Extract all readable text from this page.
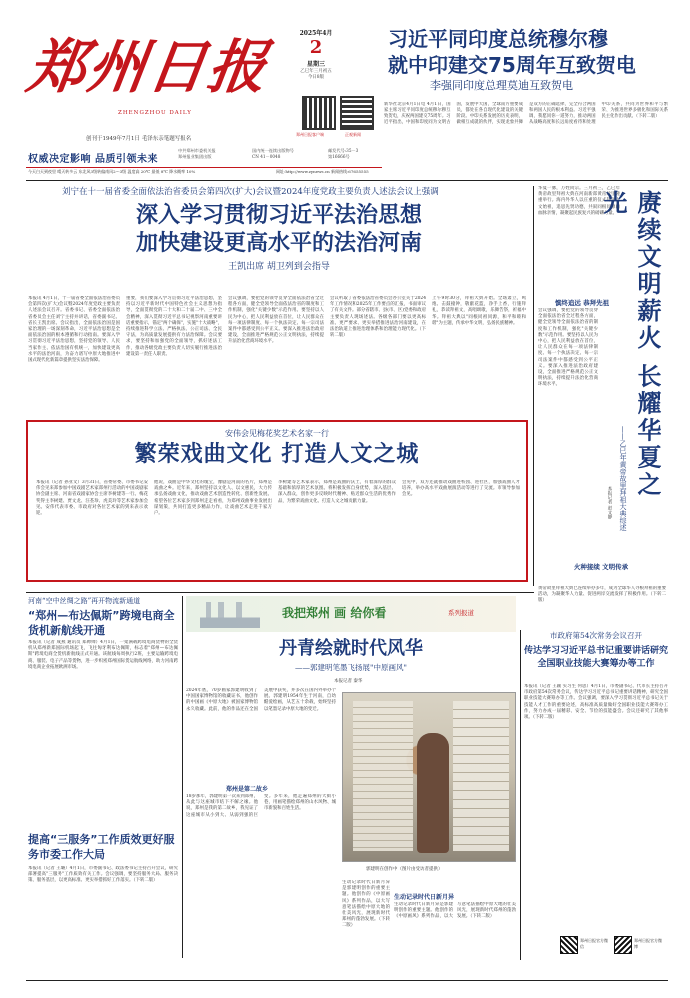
郑州日报
ZHENGZHOU DAILY
创刊于1949年7月1日 毛泽东亲笔题写报名
权威决定影响 品质引领未来
中共郑州市委机关报
郑州报业集团出版
国内统一连续出版物号
CN 41－0048
邮发代号:35－3
第16666号
2025年4月
2
星期三
乙巳年三月初五
今日8版
郑州日报客户端	正观新闻
今天白天到夜里 晴天转多云 东北风3级转偏南风2～3级 温度高 20℃ 最低 8℃ 降水概率 10%	网址:http://www.zynews.cn 新闻热线:67655555
习近平同印度总统穆尔穆
就中印建交75周年互致贺电
李强同印度总理莫迪互致贺电
新华社北京4月1日电 4月1日，国家主席习近平同印度总统穆尔穆互致贺电，庆祝两国建交75周年。习近平指出，中国和印度同为文明古国，发展中大国，全球南方重要成员，都处在各自现代化建设的关键阶段。中印关系发展的历史表明，做相互成就的伙伴，实现龙象共舞是双方的正确选择，完全符合两国和两国人民的根本利益。习近平强调，我愿同你一道努力，推动两国从战略高度和长远角度看待和处理中印关系，共同为世界和平与繁荣、为推进世界多极化和国际关系民主化作出贡献。（下转二版）
刘宁在十一届省委全面依法治省委员会第四次(扩大)会议暨2024年度党政主要负责人述法会议上强调
深入学习贯彻习近平法治思想
加快建设更高水平的法治河南
王凯出席 胡卫列到会指导
本报讯 4月1日，十一届省委全面依法治省委员会第四次(扩大)会议暨2024年度党政主要负责人述法会议召开。省委书记、省委全面依法治省委员会主任刘宁主持并讲话，省委副书记、省长王凯出席。会议指出，全面依法治国是国家治理的一场深刻革命，习近平法治思想是全面依法治国的根本遵循和行动指南。要深入学习贯彻习近平法治思想，坚持党的领导、人民当家作主、依法治国有机统一，加快建设更高水平的法治河南，为奋力谱写中原大地推进中国式现代化新篇章提供坚实法治保障。
重要，我们要深入学习贯彻习近平法治思想，坚持以习近平新时代中国特色社会主义思想为指导，全面贯彻党的二十大和二十届二中、三中全会精神，深入贯彻习近平总书记视察河南重要讲话重要指示，锚定"两个确保"，实施"十大战略"，持续推进科学立法、严格执法、公正司法、全民守法，为高质量发展提供有力法治保障。会议要求，要坚持和加强党的全面领导，抓好述法工作，推动各级党政主要负责人切实履行推进法治建设第一责任人职责。
会议强调，要把党的领导贯穿全面依法治省全过程各方面，健全党领导全面依法治省的制度和工作机制，强化"关键少数"示范作用。要坚持以人民为中心，把人民利益放在首位，让人民群众在每一项法律制度、每一个执法决定、每一宗司法案件中都感受到公平正义。要深入推进法治政府建设，全面推进严格规范公正文明执法，持续提升法治化营商环境水平。
会议听取了省委依法治省委员会办公室关于2024年工作情况和2025年工作要点的汇报，书面审议了有关文件。部分省辖市、县(市、区)党委和政府主要负责人现场述法。各级各部门要以更高标准、更严要求、更实举措推进法治河南建设，在法治轨道上推进治理体系和治理能力现代化。（下转二版）
上午9时30分，拜祖大典开始。全场肃立，鸣炮、击鼓撞钟，敬献花篮，净手上香，行施拜礼，恭读拜祖文，高唱颂歌，乐舞告祭，祈福中华。拜祖大典以"同根同祖同源，和平和睦和谐"为主题，传承中华文明，弘扬民族精神。
安伟会见梅花奖艺术名家一行
繁荣戏曲文化 打造人文之城
本报讯（记者 孙亚文）3月31日，省委常委、市委书记安伟会见来郑参加中国戏剧艺术家郑州行活动的中国戏剧家协会副主席、河南省戏剧家协会主席李树建等一行。梅花奖得主李树建、贾文龙、汪荃珍、虎美玲等艺术家参加会见。安伟代表市委、市政府对各位艺术家的到来表示欢迎。
他说，戏曲是中华文化的瑰宝，豫剧是河南的名片，郑州是戏曲之乡。近年来，郑州坚持以文化人、以文惠民，大力传承弘扬戏曲文化，推动戏曲艺术创造性转化、创新性发展。希望各位艺术家多到郑州走走看看，为郑州戏曲事业发展出谋划策，共同打造更多精品力作，让戏曲艺术走进千家万户。
李树建等艺术家表示，郑州是戏曲的沃土，有着深厚的群众基础和浓厚的艺术氛围。将积极发挥自身优势，深入基层、深入群众，创作更多反映时代精神、贴近群众生活的优秀作品，为繁荣戏曲文化、打造人文之城贡献力量。
会见中，双方还就推动戏曲进校园、进社区，加强戏曲人才培养，举办高水平戏曲展演活动等进行了交流。市领导参加会见。
华夏一脉，万姓同宗。三月初三，乙巳年黄帝故里拜祖大典在河南新郑黄帝故里隆重举行。海内外华人以庄重的仪式拜谒人文始祖，追思先贤功德，共叙同根同源的血脉亲情，凝聚起民族复兴的磅礴力量。 赓续文明薪火 长耀华夏之光
——乙巳年黄帝故里拜祖大典综述
本报记者 赵文静
慎终追远 恭拜先祖
会议强调，要把党的领导贯穿全面依法治省全过程各方面，健全党领导全面依法治省的制度和工作机制，强化"关键少数"示范作用。要坚持以人民为中心，把人民利益放在首位，让人民群众在每一项法律制度、每一个执法决定、每一宗司法案件中都感受到公平正义。要深入推进法治政府建设，全面推进严格规范公正文明执法，持续提升法治化营商环境水平。
火种接续 文明传承
黄帝故里拜祖大典已连续举办多年，成为全球华人寻根拜祖的重要活动，为凝聚华人力量、促进两岸交流发挥了积极作用。（下转二版）
河南“空中丝绸之路”再开物流新通道
“郑州—布达佩斯”跨境电商全货机新航线开通
本报讯（记者 成燕 通讯员 郑帅帅）4月1日，一架满载跨境电商货物的全货机从郑州新郑国际机场起飞，飞往匈牙利布达佩斯，标志着"郑州—布达佩斯"跨境电商全货机新航线正式开通。该航线每周执行2班，主要运输跨境电商、服装、电子产品等货物，进一步织密郑州国际货运航线网络，助力河南跨境电商企业拓展欧洲市场。
提高“三服务”工作质效更好服务市委工作大局
本报讯（记者 王璐）4月1日，市委副书记、政法委书记主持召开会议，研究部署提高"三服务"工作质效有关工作。会议强调，要坚持服务大局、服务决策、服务基层，以更高标准、更实举措抓好工作落实。（下转二版）
我把郑州 画 给你看	系列报道
丹青绘就时代风华
——郭建明笔墨飞扬展"中原画风"
本报记者 秦华
2024年底，70岁画家郭建明收到了中国国家博物馆的收藏证书，他创作的中国画《中原大地》被国家博物馆永久收藏。此前，他的作品还在全国美展中获奖，并多次在国内外举办个展。郭建明1954年生于河南，自幼酷爱绘画，从艺五十余载，始终坚持以笔墨记录中原大地的变迁。
郑州是第二故乡
18岁那年，郭建明第一次来到郑州，从此与这座城市结下不解之缘。他说，郑州是我的第二故乡，我见证了这座城市从小到大、从弱到强的巨变。多年来，他走遍郑州的大街小巷，用画笔描绘郑州的山水风物、城市新貌和百姓生活。
郭建明在创作中（图片由受访者提供）
生动记录时代日新月异
生动记录时代日新月异是郭建明创作的重要主题。他创作的《中原画风》系列作品，以大写意笔法描绘中原大地的壮美风光，展现新时代郑州的蓬勃发展。（下转二版）
生动记录时代日新月异是郭建明创作的重要主题。他创作的《中原画风》系列作品，以大写意笔法描绘中原大地的壮美风光，展现新时代郑州的蓬勃发展。（下转二版）
市政府第54次常务会议召开
传达学习习近平总书记重要讲话研究全国职业技能大赛筹办等工作
本报讯（记者 王颖 实习生 何思）4月1日，市委副书记、代市长主持召开市政府第54次常务会议，传达学习习近平总书记重要讲话精神，研究全国职业技能大赛筹办等工作。会议强调，要深入学习贯彻习近平总书记关于技能人才工作的重要论述，高标准高质量做好全国职业技能大赛筹办工作，努力办成一届精彩、安全、节俭的技能盛会。会议还研究了其他事项。（下转二版）
郑州日报官方微信
郑州日报官方微博
